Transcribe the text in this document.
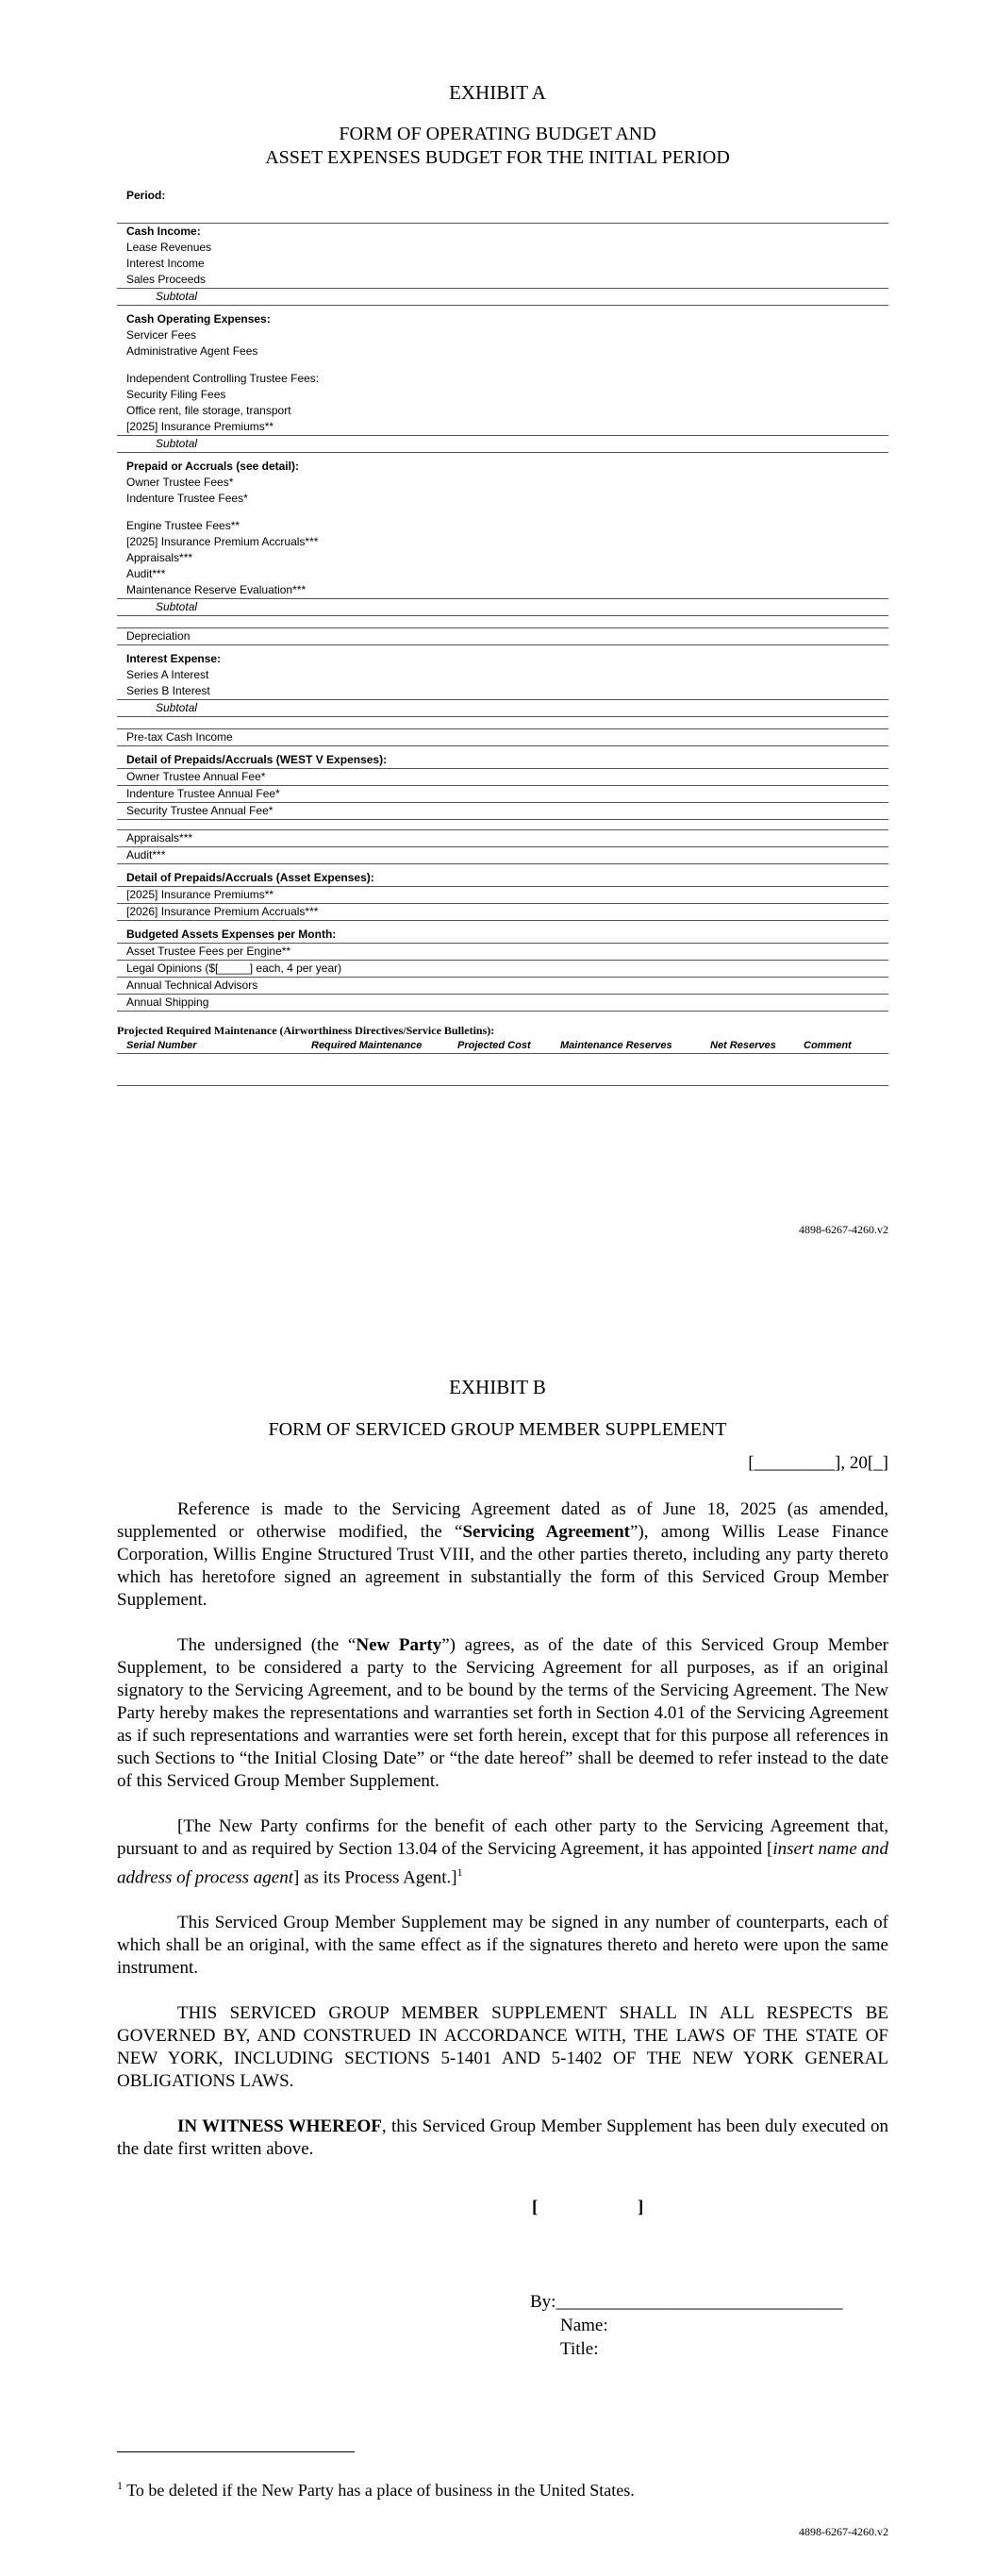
EXHIBIT A
FORM OF OPERATING BUDGET AND
ASSET EXPENSES BUDGET FOR THE INITIAL PERIOD
Period:
Cash Income:
Lease Revenues
Interest Income
Sales Proceeds
Subtotal
Cash Operating Expenses:
Servicer Fees
Administrative Agent Fees
Independent Controlling Trustee Fees:
Security Filing Fees
Office rent, file storage, transport
[2025] Insurance Premiums**
Subtotal
Prepaid or Accruals (see detail):
Owner Trustee Fees*
Indenture Trustee Fees*
Engine Trustee Fees**
[2025] Insurance Premium Accruals***
Appraisals***
Audit***
Maintenance Reserve Evaluation***
Subtotal
Depreciation
Interest Expense:
Series A Interest
Series B Interest
Subtotal
Pre-tax Cash Income
Detail of Prepaids/Accruals (WEST V Expenses):
Owner Trustee Annual Fee*
Indenture Trustee Annual Fee*
Security Trustee Annual Fee*
Appraisals***
Audit***
Detail of Prepaids/Accruals (Asset Expenses):
[2025] Insurance Premiums**
[2026] Insurance Premium Accruals***
Budgeted Assets Expenses per Month:
Asset Trustee Fees per Engine**
Legal Opinions ($[_____] each, 4 per year)
Annual Technical Advisors
Annual Shipping
Projected Required Maintenance (Airworthiness Directives/Service Bulletins):
Serial Number	Required Maintenance	Projected Cost	Maintenance Reserves	Net Reserves	Comment
4898-6267-4260.v2
EXHIBIT B
FORM OF SERVICED GROUP MEMBER SUPPLEMENT
[_________], 20[_]

Reference is made to the Servicing Agreement dated as of June 18, 2025 (as amended, supplemented or otherwise modified, the “Servicing Agreement”), among Willis Lease Finance Corporation, Willis Engine Structured Trust VIII, and the other parties thereto, including any party thereto which has heretofore signed an agreement in substantially the form of this Serviced Group Member Supplement.

The undersigned (the “New Party”) agrees, as of the date of this Serviced Group Member Supplement, to be considered a party to the Servicing Agreement for all purposes, as if an original signatory to the Servicing Agreement, and to be bound by the terms of the Servicing Agreement. The New Party hereby makes the representations and warranties set forth in Section 4.01 of the Servicing Agreement as if such representations and warranties were set forth herein, except that for this purpose all references in such Sections to “the Initial Closing Date” or “the date hereof” shall be deemed to refer instead to the date of this Serviced Group Member Supplement.

[The New Party confirms for the benefit of each other party to the Servicing Agreement that, pursuant to and as required by Section 13.04 of the Servicing Agreement, it has appointed [insert name and address of process agent] as its Process Agent.]$^1$

This Serviced Group Member Supplement may be signed in any number of counterparts, each of which shall be an original, with the same effect as if the signatures thereto and hereto were upon the same instrument.

THIS SERVICED GROUP MEMBER SUPPLEMENT SHALL IN ALL RESPECTS BE GOVERNED BY, AND CONSTRUED IN ACCORDANCE WITH, THE LAWS OF THE STATE OF NEW YORK, INCLUDING SECTIONS 5-1401 AND 5-1402 OF THE NEW YORK GENERAL OBLIGATIONS LAWS.

IN WITNESS WHEREOF, this Serviced Group Member Supplement has been duly executed on the date first written above.

[	]
By:________________________________
Name:
Title:
$^1$ To be deleted if the New Party has a place of business in the United States.
4898-6267-4260.v2
